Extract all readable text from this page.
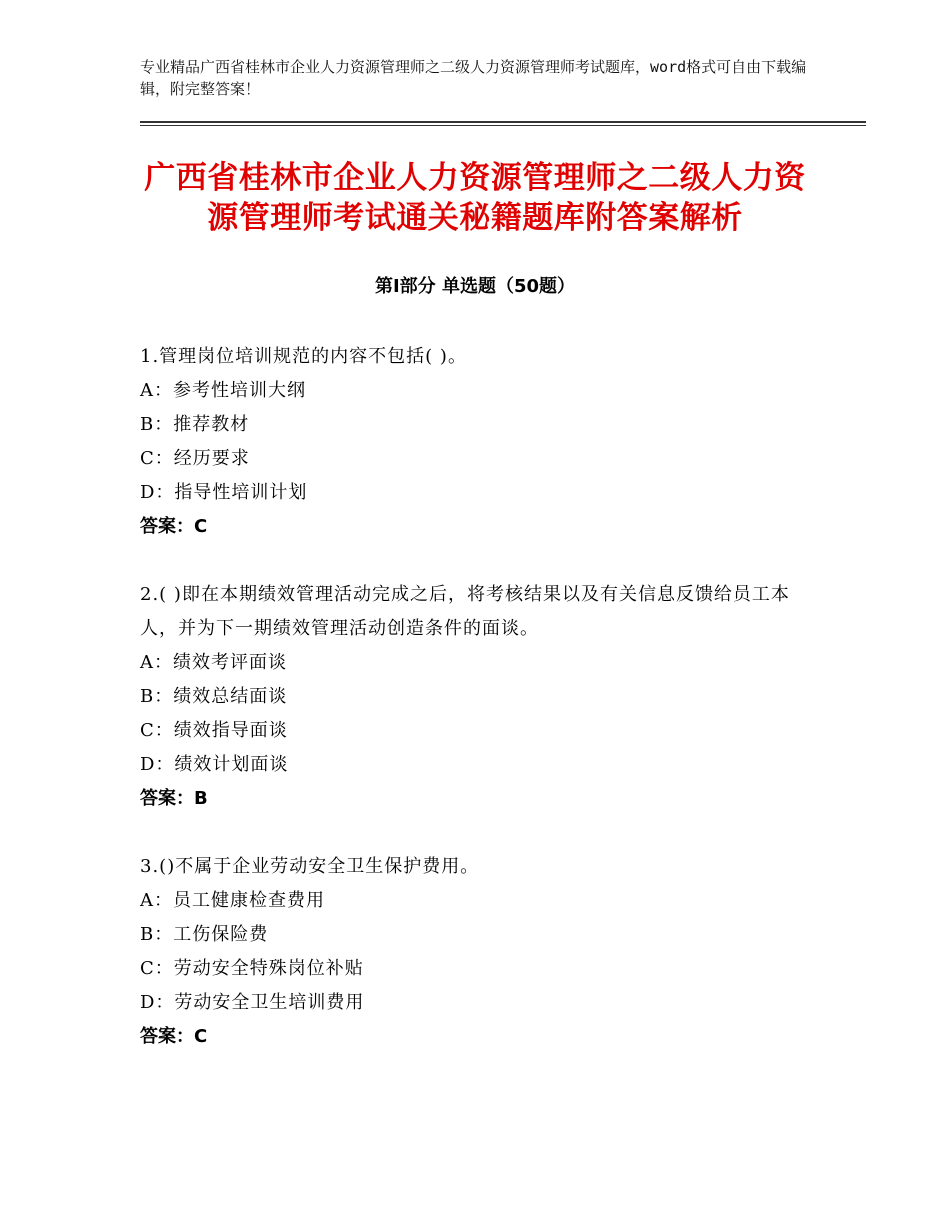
专业精品广西省桂林市企业人力资源管理师之二级人力资源管理师考试题库，word格式可自由下载编辑，附完整答案！
广西省桂林市企业人力资源管理师之二级人力资源管理师考试通关秘籍题库附答案解析
第Ⅰ部分 单选题（50题）
1.管理岗位培训规范的内容不包括( )。
A：参考性培训大纲
B：推荐教材
C：经历要求
D：指导性培训计划
答案：C
2.( )即在本期绩效管理活动完成之后，将考核结果以及有关信息反馈给员工本人，并为下一期绩效管理活动创造条件的面谈。
A：绩效考评面谈
B：绩效总结面谈
C：绩效指导面谈
D：绩效计划面谈
答案：B
3.()不属于企业劳动安全卫生保护费用。
A：员工健康检查费用
B：工伤保险费
C：劳动安全特殊岗位补贴
D：劳动安全卫生培训费用
答案：C
